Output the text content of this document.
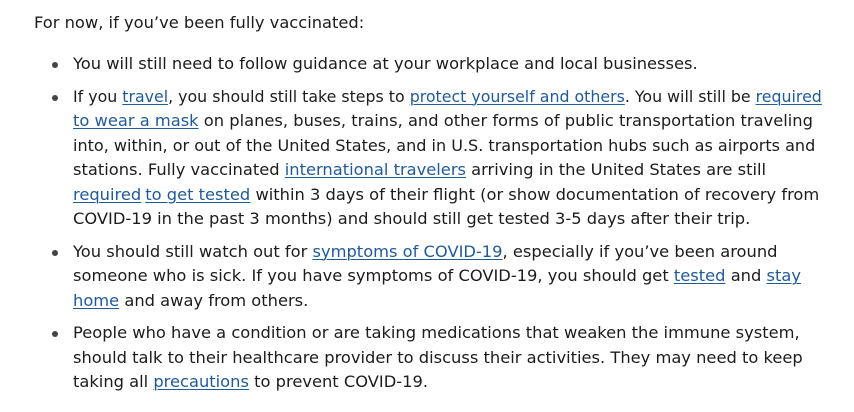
For now, if you’ve been fully vaccinated:

You will still need to follow guidance at your workplace and local businesses.
If you travel, you should still take steps to protect yourself and others. You will still be required
to wear a mask on planes, buses, trains, and other forms of public transportation traveling
into, within, or out of the United States, and in U.S. transportation hubs such as airports and
stations. Fully vaccinated international travelers arriving in the United States are still
required to get tested within 3 days of their flight (or show documentation of recovery from
COVID-19 in the past 3 months) and should still get tested 3-5 days after their trip.
You should still watch out for symptoms of COVID-19, especially if you’ve been around
someone who is sick. If you have symptoms of COVID-19, you should get tested and stay
home and away from others.
People who have a condition or are taking medications that weaken the immune system,
should talk to their healthcare provider to discuss their activities. They may need to keep
taking all precautions to prevent COVID-19.
